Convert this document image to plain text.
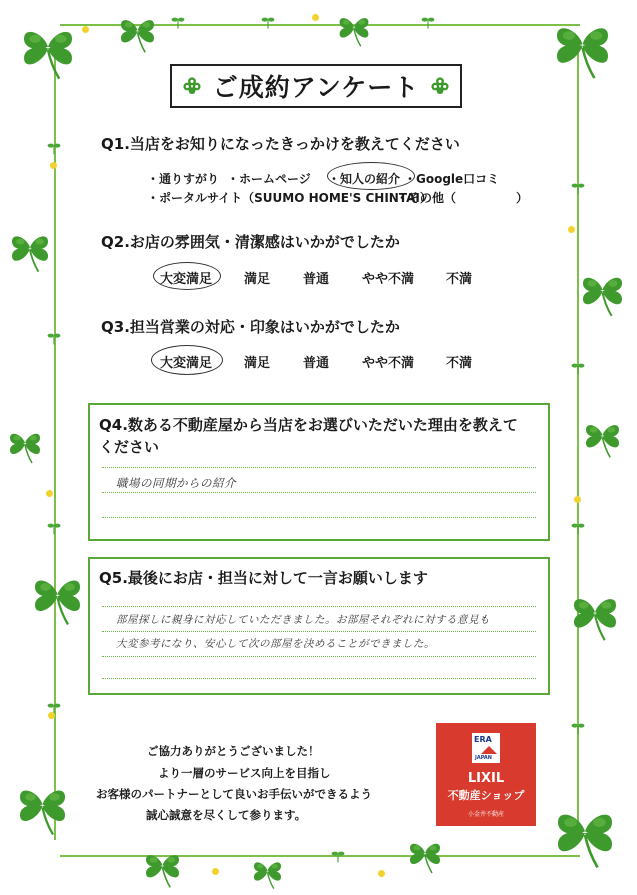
ご成約アンケート
Q1.当店をお知りになったきっかけを教えてください
・通りすがり ・ホームページ ・知人の紹介 ・Google口コミ
・ポータルサイト（SUUMO HOME'S CHINTAI）
・その他（　　　　　）
Q2.お店の雰囲気・清潔感はいかがでしたか
大変満足 満足	普通	やや不満 不満
Q3.担当営業の対応・印象はいかがでしたか
大変満足 満足	普通	やや不満 不満
Q4.数ある不動産屋から当店をお選びいただいた理由を教えて
ください
職場の同期からの紹介
Q5.最後にお店・担当に対して一言お願いします
部屋探しに親身に対応していただきました。お部屋それぞれに対する意見も
大変参考になり、安心して次の部屋を決めることができました。
ご協力ありがとうございました！
より一層のサービス向上を目指し
お客様のパートナーとして良いお手伝いができるよう
誠心誠意を尽くして参ります。
ERA
JAPAN
LIXIL
不動産ショップ
小金井不動産
